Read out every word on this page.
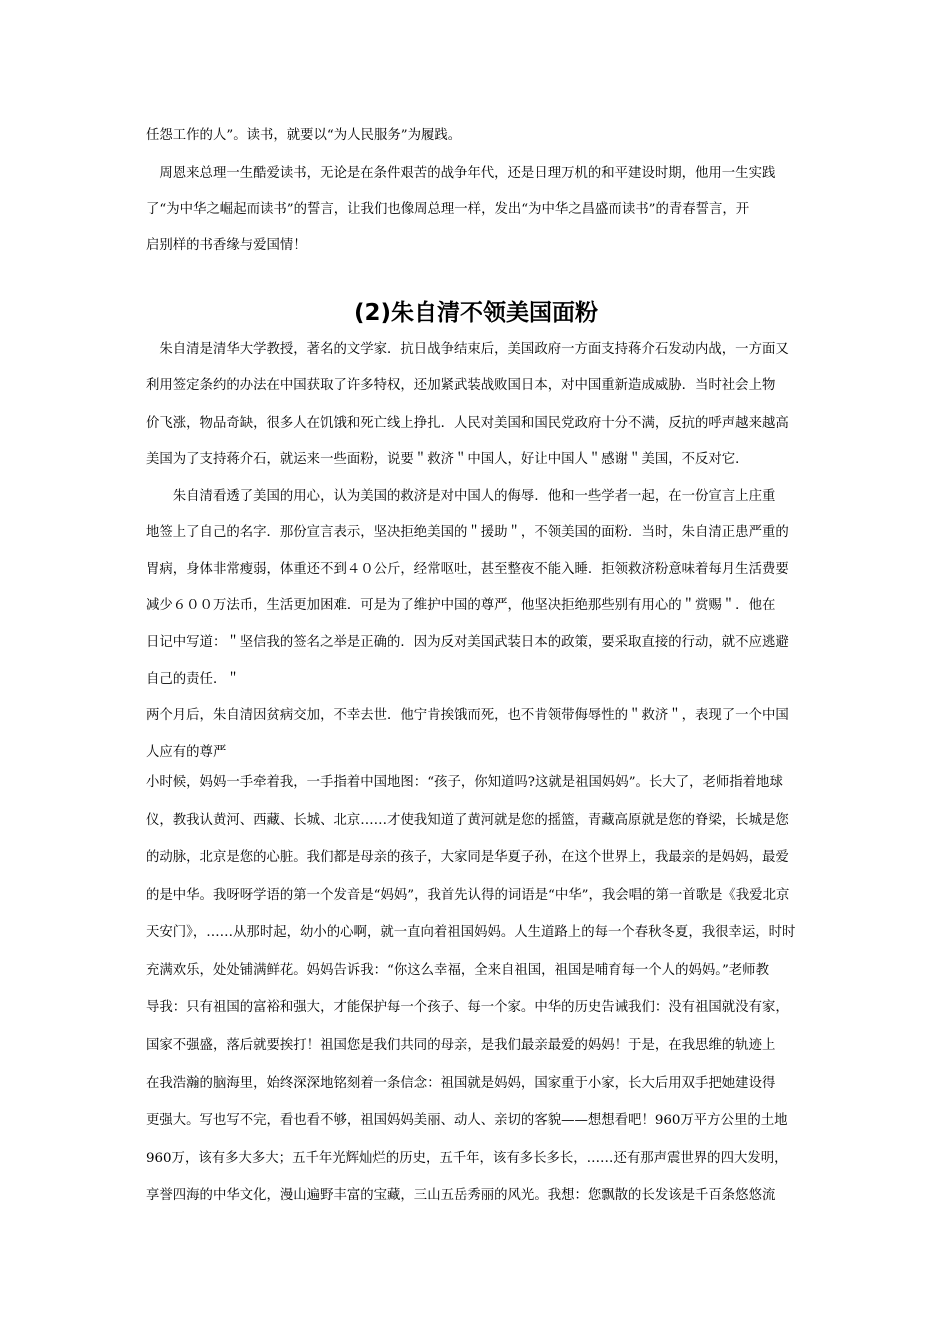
任怨工作的人”。读书，就要以“为人民服务”为履践。
　周恩来总理一生酷爱读书，无论是在条件艰苦的战争年代，还是日理万机的和平建设时期，他用一生实践
了“为中华之崛起而读书”的誓言，让我们也像周总理一样，发出“为中华之昌盛而读书”的青春誓言，开
启别样的书香缘与爱国情！
(2)朱自清不领美国面粉
　朱自清是清华大学教授，著名的文学家．抗日战争结束后，美国政府一方面支持蒋介石发动内战，一方面又
利用签定条约的办法在中国获取了许多特权，还加紧武装战败国日本，对中国重新造成威胁．当时社会上物
价飞涨，物品奇缺，很多人在饥饿和死亡线上挣扎．人民对美国和国民党政府十分不满，反抗的呼声越来越高
美国为了支持蒋介石，就运来一些面粉，说要＂救济＂中国人，好让中国人＂感谢＂美国，不反对它．
　　朱自清看透了美国的用心，认为美国的救济是对中国人的侮辱．他和一些学者一起，在一份宣言上庄重
地签上了自己的名字．那份宣言表示，坚决拒绝美国的＂援助＂，不领美国的面粉．当时，朱自清正患严重的
胃病，身体非常瘦弱，体重还不到４０公斤，经常呕吐，甚至整夜不能入睡．拒领救济粉意味着每月生活费要
减少６００万法币，生活更加困难．可是为了维护中国的尊严，他坚决拒绝那些别有用心的＂赏赐＂．他在
日记中写道：＂坚信我的签名之举是正确的．因为反对美国武装日本的政策，要采取直接的行动，就不应逃避
自己的责任．＂
两个月后，朱自清因贫病交加，不幸去世．他宁肯挨饿而死，也不肯领带侮辱性的＂救济＂，表现了一个中国
人应有的尊严
小时候，妈妈一手牵着我，一手指着中国地图：“孩子，你知道吗?这就是祖国妈妈”。长大了，老师指着地球
仪，教我认黄河、西藏、长城、北京……才使我知道了黄河就是您的摇篮，青藏高原就是您的脊梁，长城是您
的动脉，北京是您的心脏。我们都是母亲的孩子，大家同是华夏子孙，在这个世界上，我最亲的是妈妈，最爱
的是中华。我呀呀学语的第一个发音是“妈妈”，我首先认得的词语是“中华”，我会唱的第一首歌是《我爱北京
天安门》，……从那时起，幼小的心啊，就一直向着祖国妈妈。人生道路上的每一个春秋冬夏，我很幸运，时时
充满欢乐，处处铺满鲜花。妈妈告诉我：“你这么幸福，全来自祖国，祖国是哺育每一个人的妈妈。”老师教
导我：只有祖国的富裕和强大，才能保护每一个孩子、每一个家。中华的历史告诫我们：没有祖国就没有家，
国家不强盛，落后就要挨打！祖国您是我们共同的母亲，是我们最亲最爱的妈妈！于是，在我思维的轨迹上
在我浩瀚的脑海里，始终深深地铭刻着一条信念：祖国就是妈妈，国家重于小家，长大后用双手把她建设得
更强大。写也写不完，看也看不够，祖国妈妈美丽、动人、亲切的客貌——想想看吧！960万平方公里的土地
960万，该有多大多大；五千年光辉灿烂的历史，五千年，该有多长多长，……还有那声震世界的四大发明，
享誉四海的中华文化，漫山遍野丰富的宝藏，三山五岳秀丽的风光。我想：您飘散的长发该是千百条悠悠流
